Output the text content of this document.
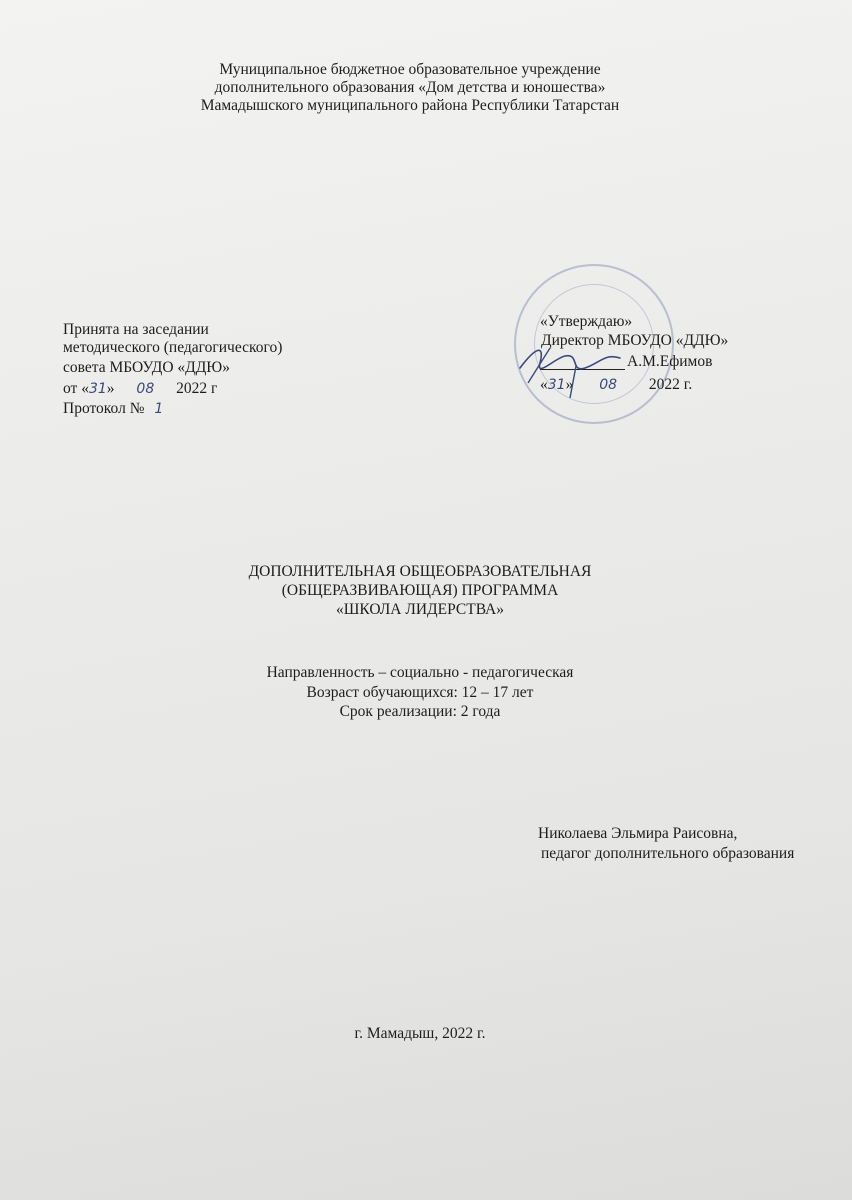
Муниципальное бюджетное образовательное учреждение
дополнительного образования «Дом детства и юношества»
Мамадышского муниципального района Республики Татарстан
Принята на заседании
методического (педагогического)
совета МБОУДО «ДДЮ»
от «31» 08 2022 г
Протокол № 1
«Утверждаю»
Директор МБОУДО «ДДЮ»
А.М.Ефимов
«31» 08 2022 г.
ДОПОЛНИТЕЛЬНАЯ ОБЩЕОБРАЗОВАТЕЛЬНАЯ
(ОБЩЕРАЗВИВАЮЩАЯ) ПРОГРАММА
«ШКОЛА ЛИДЕРСТВА»
Направленность – социально - педагогическая
Возраст обучающихся: 12 – 17 лет
Срок реализации: 2 года
Николаева Эльмира Раисовна,
педагог дополнительного образования
г. Мамадыш, 2022 г.
